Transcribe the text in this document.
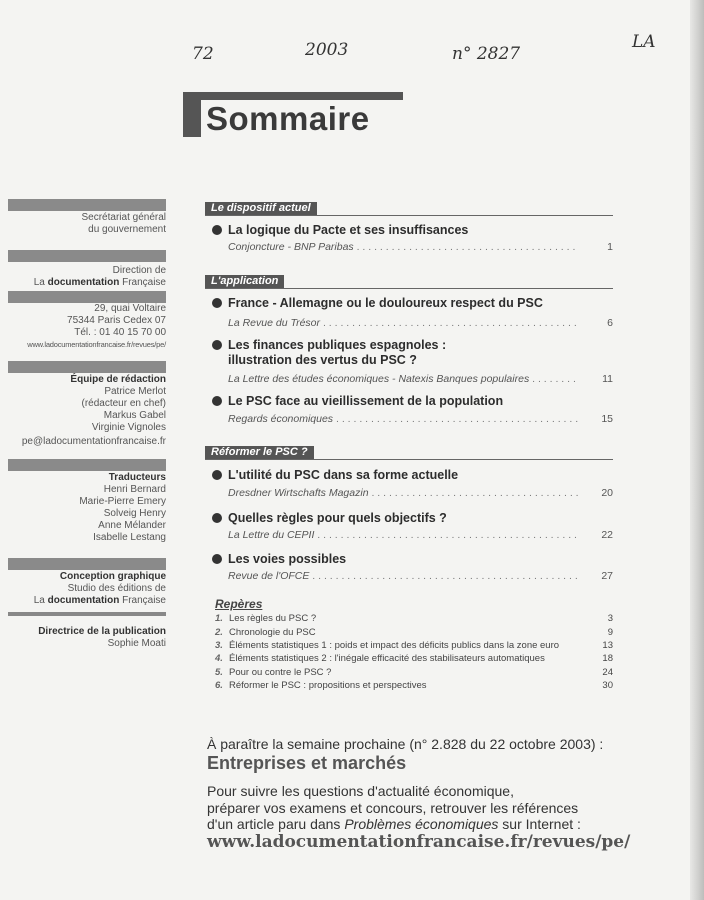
72	2003	n° 2827
LA
Sommaire
Secrétariat général
du gouvernement
Direction de
La documentation Française
29, quai Voltaire
75344 Paris Cedex 07
Tél. : 01 40 15 70 00
www.ladocumentationfrancaise.fr/revues/pe/
Équipe de rédaction
Patrice Merlot
(rédacteur en chef)
Markus Gabel
Virginie Vignoles
pe@ladocumentationfrancaise.fr
Traducteurs
Henri Bernard
Marie-Pierre Emery
Solveig Henry
Anne Mélander
Isabelle Lestang
Conception graphique
Studio des éditions de
La documentation Française
Directrice de la publication
Sophie Moati
Le dispositif actuel
La logique du Pacte et ses insuffisances
Conjoncture - BNP Paribas . . .	1
L'application
France - Allemagne ou le douloureux respect du PSC
La Revue du Trésor . . .	6
Les finances publiques espagnoles :
illustration des vertus du PSC ?
La Lettre des études économiques - Natexis Banques populaires . . .	11
Le PSC face au vieillissement de la population
Regards économiques . . .	15
Réformer le PSC ?
L'utilité du PSC dans sa forme actuelle
Dresdner Wirtschafts Magazin . . .	20
Quelles règles pour quels objectifs ?
La Lettre du CEPII . . .	22
Les voies possibles
Revue de l'OFCE . . .	27
Repères
1. Les règles du PSC ?	3
2. Chronologie du PSC	9
3. Éléments statistiques 1 : poids et impact des déficits publics dans la zone euro	13
4. Éléments statistiques 2 : l'inégale efficacité des stabilisateurs automatiques	18
5. Pour ou contre le PSC ?	24
6. Réformer le PSC : propositions et perspectives	30
À paraître la semaine prochaine (n° 2.828 du 22 octobre 2003) :
Entreprises et marchés
Pour suivre les questions d'actualité économique,
préparer vos examens et concours, retrouver les références
d'un article paru dans Problèmes économiques sur Internet :
www.ladocumentationfrancaise.fr/revues/pe/
